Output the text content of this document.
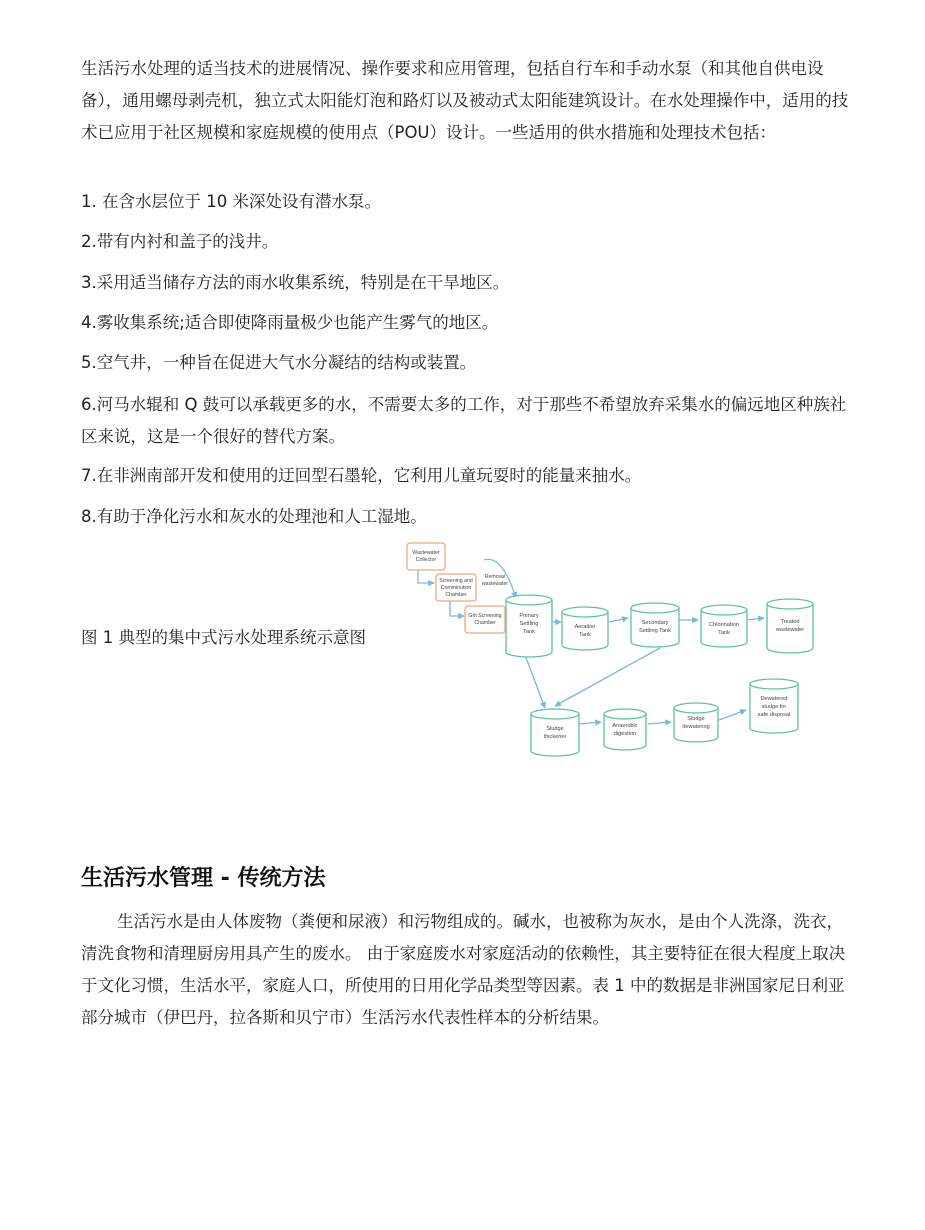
生活污水处理的适当技术的进展情况、操作要求和应用管理，包括自行车和手动水泵（和其他自供电设备），通用螺母剥壳机，独立式太阳能灯泡和路灯以及被动式太阳能建筑设计。在水处理操作中，适用的技术已应用于社区规模和家庭规模的使用点（POU）设计。一些适用的供水措施和处理技术包括：

1. 在含水层位于 10 米深处设有潜水泵。

2.带有内衬和盖子的浅井。

3.采用适当储存方法的雨水收集系统，特别是在干旱地区。

4.雾收集系统;适合即使降雨量极少也能产生雾气的地区。

5.空气井，一种旨在促进大气水分凝结的结构或装置。

6.河马水辊和 Q 鼓可以承载更多的水，不需要太多的工作，对于那些不希望放弃采集水的偏远地区种族社区来说，这是一个很好的替代方案。

7.在非洲南部开发和使用的迂回型石墨轮，它利用儿童玩耍时的能量来抽水。

8.有助于净化污水和灰水的处理池和人工湿地。

图 1 典型的集中式污水处理系统示意图

Wastewater
Collector
Screening and
Comminution
Chamber
Grit Screening
Chamber
Removal
wastewater
Primary
Settling
Tank
Aeration
Tank
Secondary
Settling Tank
Chlorination
Tank
Treated
wastewater
Sludge
thickener
Anaerobic
digestion
Sludge
dewatering
Dewatered
sludge for
safe disposal
生活污水管理 - 传统方法

生活污水是由人体废物（粪便和尿液）和污物组成的。碱水，也被称为灰水，是由个人洗涤，洗衣，清洗食物和清理厨房用具产生的废水。 由于家庭废水对家庭活动的依赖性，其主要特征在很大程度上取决于文化习惯，生活水平，家庭人口，所使用的日用化学品类型等因素。表 1 中的数据是非洲国家尼日利亚部分城市（伊巴丹，拉各斯和贝宁市）生活污水代表性样本的分析结果。
